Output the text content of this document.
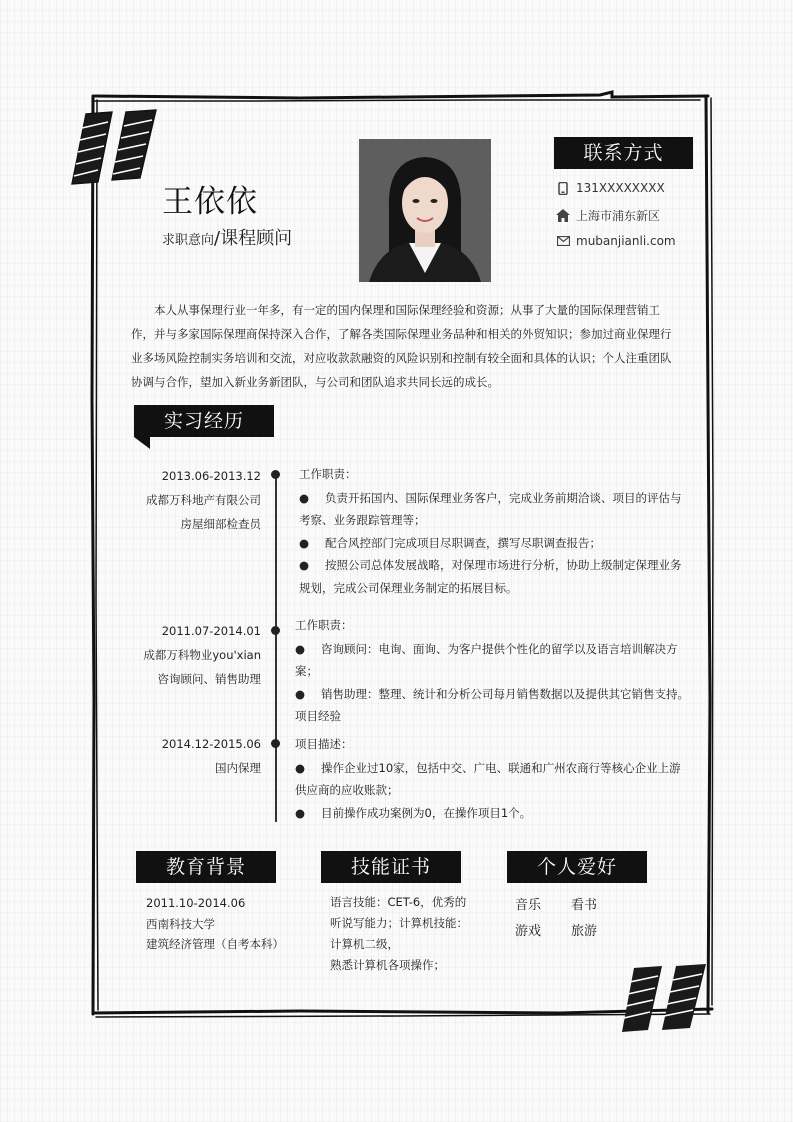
王依依
求职意向/课程顾问
联系方式
131XXXXXXXX
上海市浦东新区
mubanjianli.com
本人从事保理行业一年多，有一定的国内保理和国际保理经验和资源；从事了大量的国际保理营销工作，并与多家国际保理商保持深入合作，了解各类国际保理业务品种和相关的外贸知识；参加过商业保理行业多场风险控制实务培训和交流，对应收款款融资的风险识别和控制有较全面和具体的认识；个人注重团队协调与合作，望加入新业务新团队，与公司和团队追求共同长远的成长。
实习经历
2013.06-2013.12
成都万科地产有限公司
房屋细部检查员
工作职责：
● 负责开拓国内、国际保理业务客户，完成业务前期洽谈、项目的评估与考察、业务跟踪管理等；
● 配合风控部门完成项目尽职调查，撰写尽职调查报告；
● 按照公司总体发展战略，对保理市场进行分析，协助上级制定保理业务规划，完成公司保理业务制定的拓展目标。
2011.07-2014.01
成都万科物业you'xian
咨询顾问、销售助理
工作职责：
● 咨询顾问：电询、面询、为客户提供个性化的留学以及语言培训解决方案；
● 销售助理：整理、统计和分析公司每月销售数据以及提供其它销售支持。项目经验
2014.12-2015.06
国内保理
项目描述：
● 操作企业过10家，包括中交、广电、联通和广州农商行等核心企业上游供应商的应收账款；
● 目前操作成功案例为0，在操作项目1个。
教育背景	技能证书	个人爱好
2011.10-2014.06
西南科技大学
建筑经济管理（自考本科）
语言技能：CET-6，优秀的
听说写能力；计算机技能：
计算机二级，
熟悉计算机各项操作；
音乐 看书
游戏 旅游
